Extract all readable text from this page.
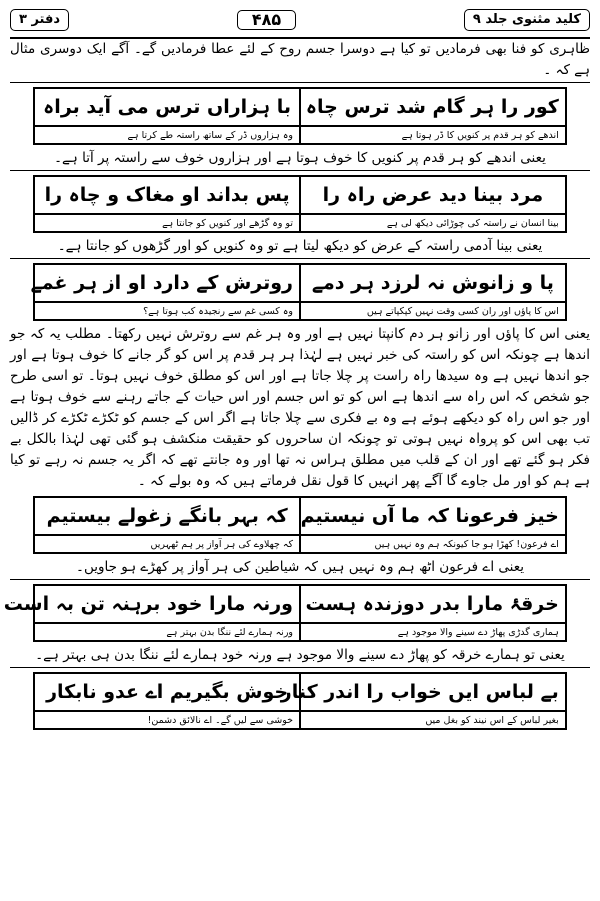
کلید مثنوی جلد ۹
۴۸۵
دفتر ۳

ظاہری کو فنا بھی فرمادیں تو کیا ہے دوسرا جسم روح کے لئے عطا فرمادیں گے۔ آگے ایک دوسری مثال ہے کہ ۔

کور را ہر گام شد ترس چاہ	با ہزاراں ترس می آید براہ
اندھے کو ہر قدم پر کنویں کا ڈر ہوتا ہے	وہ ہزاروں ڈر کے ساتھ راستہ طے کرتا ہے

یعنی اندھے کو ہر قدم پر کنویں کا خوف ہوتا ہے اور ہزاروں خوف سے راستہ پر آتا ہے۔

مرد بینا دید عرض راہ را	پس بداند او مغاک و چاہ را
بینا انسان نے راستہ کی چوڑائی دیکھ لی ہے	تو وہ گڑھے اور کنویں کو جانتا ہے

یعنی بینا آدمی راستہ کے عرض کو دیکھ لیتا ہے تو وہ کنویں کو اور گڑھوں کو جانتا ہے۔

پا و زانوش نہ لرزد ہر دمے	روترش کے دارد او از ہر غمے
اس کا پاؤں اور ران کسی وقت نہیں کپکپاتے ہیں	وہ کسی غم سے رنجیدہ کب ہوتا ہے؟

یعنی اس کا پاؤں اور زانو ہر دم کانپتا نہیں ہے اور وہ ہر غم سے روترش نہیں رکھتا۔ مطلب یہ کہ جو اندھا ہے چونکہ اس کو راستہ کی خبر نہیں ہے لہٰذا ہر ہر قدم پر اس کو گر جانے کا خوف ہوتا ہے اور جو اندھا نہیں ہے وہ سیدھا راہ راست پر چلا جاتا ہے اور اس کو مطلق خوف نہیں ہوتا۔ تو اسی طرح جو شخص کہ اس راہ سے اندھا ہے اس کو تو اس جسم اور اس حیات کے جاتے رہنے سے خوف ہوتا ہے اور جو اس راہ کو دیکھے ہوئے ہے وہ بے فکری سے چلا جاتا ہے اگر اس کے جسم کو ٹکڑے ٹکڑے کر ڈالیں تب بھی اس کو پرواہ نہیں ہوتی تو چونکہ ان ساحروں کو حقیقت منکشف ہو گئی تھی لہٰذا بالکل بے فکر ہو گئے تھے اور ان کے قلب میں مطلق ہراس نہ تھا اور وہ جانتے تھے کہ اگر یہ جسم نہ رہے تو کیا ہے ہم کو اور مل جاوے گا آگے پھر انہیں کا قول نقل فرماتے ہیں کہ وہ بولے کہ ۔

خیز فرعونا کہ ما آں نیستیم	کہ بہر بانگے زغولے بیستیم
اے فرعون! کھڑا ہو جا کیونکہ ہم وہ نہیں ہیں	کہ چھلاوے کی ہر آواز پر ہم ٹھہریں

یعنی اے فرعون اٹھ ہم وہ نہیں ہیں کہ شیاطین کی ہر آواز پر کھڑے ہو جاویں۔

خرقۂ مارا بدر دوزندہ ہست	ورنہ مارا خود برہنہ تن بہ است
ہماری گدڑی پھاڑ دے سینے والا موجود ہے	ورنہ ہمارے لئے ننگا بدن بہتر ہے

یعنی تو ہمارے خرقہ کو پھاڑ دے سینے والا موجود ہے ورنہ خود ہمارے لئے ننگا بدن ہی بہتر ہے۔

بے لباس ایں خواب را اندر کنار	خوش بگیریم اے عدو نابکار
بغیر لباس کے اس نیند کو بغل میں	خوشی سے لیں گے۔ اے نالائق دشمن!
